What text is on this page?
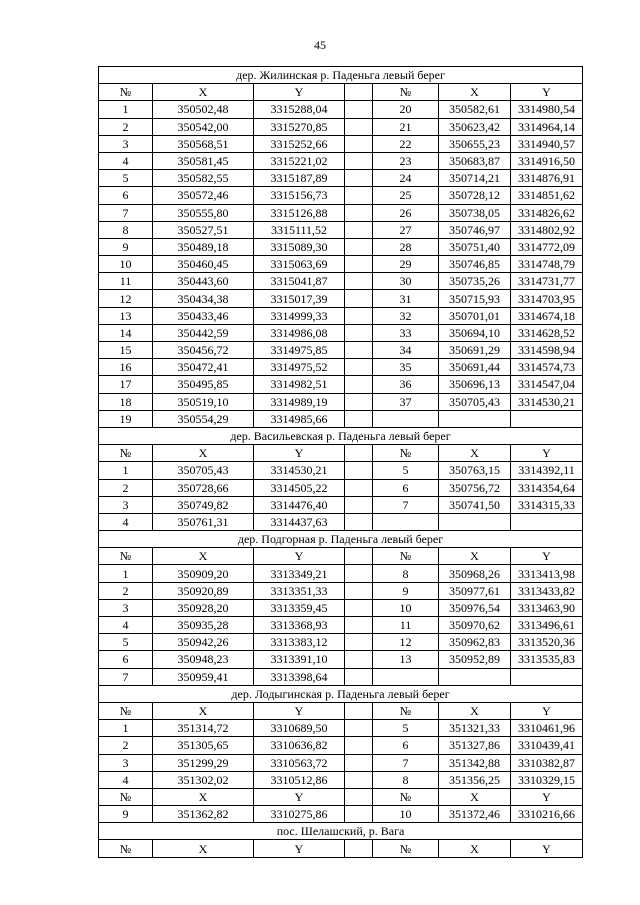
45
дер. Жилинская р. Паденьга левый берег						
№	X	Y		№	X	Y
1	350502,48	3315288,04		20	350582,61	3314980,54
2	350542,00	3315270,85		21	350623,42	3314964,14
3	350568,51	3315252,66		22	350655,23	3314940,57
4	350581,45	3315221,02		23	350683,87	3314916,50
5	350582,55	3315187,89		24	350714,21	3314876,91
6	350572,46	3315156,73		25	350728,12	3314851,62
7	350555,80	3315126,88		26	350738,05	3314826,62
8	350527,51	3315111,52		27	350746,97	3314802,92
9	350489,18	3315089,30		28	350751,40	3314772,09
10	350460,45	3315063,69		29	350746,85	3314748,79
11	350443,60	3315041,87		30	350735,26	3314731,77
12	350434,38	3315017,39		31	350715,93	3314703,95
13	350433,46	3314999,33		32	350701,01	3314674,18
14	350442,59	3314986,08		33	350694,10	3314628,52
15	350456,72	3314975,85		34	350691,29	3314598,94
16	350472,41	3314975,52		35	350691,44	3314574,73
17	350495,85	3314982,51		36	350696,13	3314547,04
18	350519,10	3314989,19		37	350705,43	3314530,21
19	350554,29	3314985,66				
дер. Васильевская р. Паденьга левый берег						
№	X	Y		№	X	Y
1	350705,43	3314530,21		5	350763,15	3314392,11
2	350728,66	3314505,22		6	350756,72	3314354,64
3	350749,82	3314476,40		7	350741,50	3314315,33
4	350761,31	3314437,63				
дер. Подгорная р. Паденьга левый берег						
№	X	Y		№	X	Y
1	350909,20	3313349,21		8	350968,26	3313413,98
2	350920,89	3313351,33		9	350977,61	3313433,82
3	350928,20	3313359,45		10	350976,54	3313463,90
4	350935,28	3313368,93		11	350970,62	3313496,61
5	350942,26	3313383,12		12	350962,83	3313520,36
6	350948,23	3313391,10		13	350952,89	3313535,83
7	350959,41	3313398,64				
дер. Лодыгинская р. Паденьга левый берег						
№	X	Y		№	X	Y
1	351314,72	3310689,50		5	351321,33	3310461,96
2	351305,65	3310636,82		6	351327,86	3310439,41
3	351299,29	3310563,72		7	351342,88	3310382,87
4	351302,02	3310512,86		8	351356,25	3310329,15
№	X	Y		№	X	Y
9	351362,82	3310275,86		10	351372,46	3310216,66
пос. Шелашский, р. Вага						
№	X	Y		№	X	Y
